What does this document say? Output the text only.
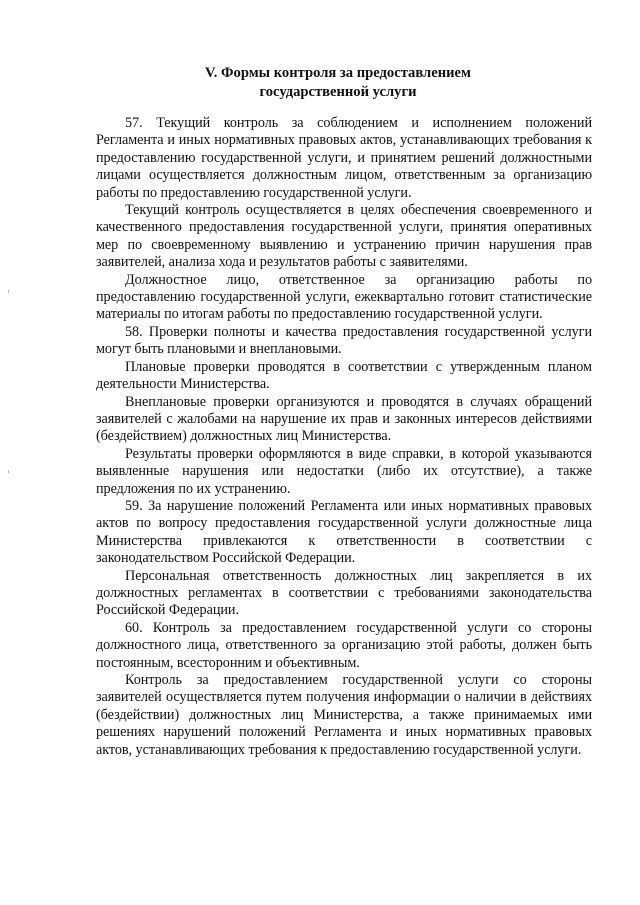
V. Формы контроля за предоставлением
государственной услуги

57. Текущий контроль за соблюдением и исполнением положений Регламента и иных нормативных правовых актов, устанавливающих требования к предоставлению государственной услуги, и принятием решений должностными лицами осуществляется должностным лицом, ответственным за организацию работы по предоставлению государственной услуги.

Текущий контроль осуществляется в целях обеспечения своевременного и качественного предоставления государственной услуги, принятия оперативных мер по своевременному выявлению и устранению причин нарушения прав заявителей, анализа хода и результатов работы с заявителями.

Должностное лицо, ответственное за организацию работы по предоставлению государственной услуги, ежеквартально готовит статистические материалы по итогам работы по предоставлению государственной услуги.

58. Проверки полноты и качества предоставления государственной услуги могут быть плановыми и внеплановыми.

Плановые проверки проводятся в соответствии с утвержденным планом деятельности Министерства.

Внеплановые проверки организуются и проводятся в случаях обращений заявителей с жалобами на нарушение их прав и законных интересов действиями (бездействием) должностных лиц Министерства.

Результаты проверки оформляются в виде справки, в которой указываются выявленные нарушения или недостатки (либо их отсутствие), а также предложения по их устранению.

59. За нарушение положений Регламента или иных нормативных правовых актов по вопросу предоставления государственной услуги должностные лица Министерства привлекаются к ответственности в соответствии с законодательством Российской Федерации.

Персональная ответственность должностных лиц закрепляется в их должностных регламентах в соответствии с требованиями законодательства Российской Федерации.

60. Контроль за предоставлением государственной услуги со стороны должностного лица, ответственного за организацию этой работы, должен быть постоянным, всесторонним и объективным.

Контроль за предоставлением государственной услуги со стороны заявителей осуществляется путем получения информации о наличии в действиях (бездействии) должностных лиц Министерства, а также принимаемых ими решениях нарушений положений Регламента и иных нормативных правовых актов, устанавливающих требования к предоставлению государственной услуги.
